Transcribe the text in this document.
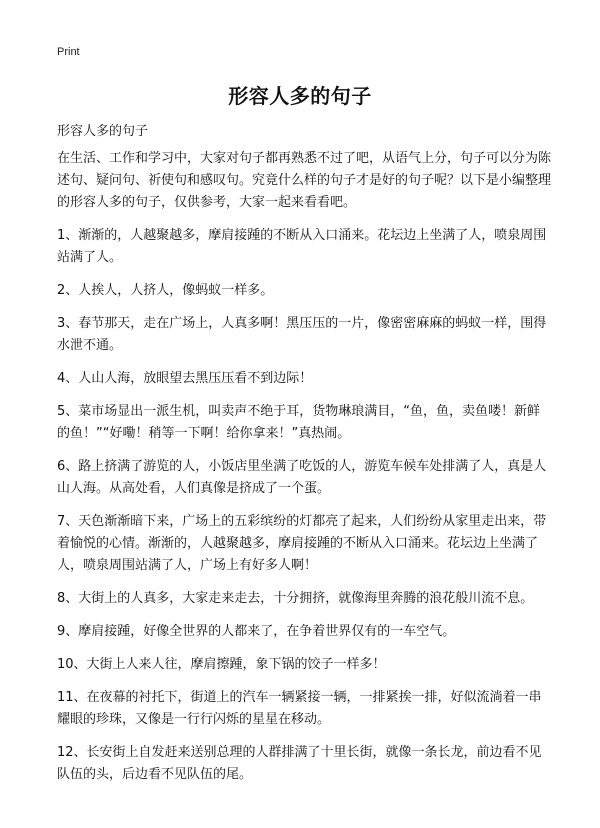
Print
形容人多的句子

形容人多的句子

在生活、工作和学习中，大家对句子都再熟悉不过了吧，从语气上分，句子可以分为陈述句、疑问句、祈使句和感叹句。究竟什么样的句子才是好的句子呢？以下是小编整理的形容人多的句子，仅供参考，大家一起来看看吧。

1、渐渐的，人越聚越多，摩肩接踵的不断从入口涌来。花坛边上坐满了人，喷泉周围站满了人。

2、人挨人，人挤人，像蚂蚁一样多。

3、春节那天，走在广场上，人真多啊！黑压压的一片，像密密麻麻的蚂蚁一样，围得水泄不通。

4、人山人海，放眼望去黑压压看不到边际！

5、菜市场显出一派生机，叫卖声不绝于耳，货物琳琅满目，“鱼，鱼，卖鱼喽！新鲜的鱼！”“好嘞！稍等一下啊！给你拿来！”真热闹。

6、路上挤满了游览的人，小饭店里坐满了吃饭的人，游览车候车处排满了人，真是人山人海。从高处看，人们真像是挤成了一个蛋。

7、天色渐渐暗下来，广场上的五彩缤纷的灯都亮了起来，人们纷纷从家里走出来，带着愉悦的心情。渐渐的，人越聚越多，摩肩接踵的不断从入口涌来。花坛边上坐满了人，喷泉周围站满了人，广场上有好多人啊！

8、大街上的人真多，大家走来走去，十分拥挤，就像海里奔腾的浪花般川流不息。

9、摩肩接踵，好像全世界的人都来了，在争着世界仅有的一车空气。

10、大街上人来人往，摩肩擦踵，象下锅的饺子一样多！

11、在夜幕的衬托下，街道上的汽车一辆紧接一辆，一排紧挨一排，好似流淌着一串耀眼的珍珠，又像是一行行闪烁的星星在移动。

12、长安街上自发赶来送别总理的人群排满了十里长街，就像一条长龙，前边看不见队伍的头，后边看不见队伍的尾。
